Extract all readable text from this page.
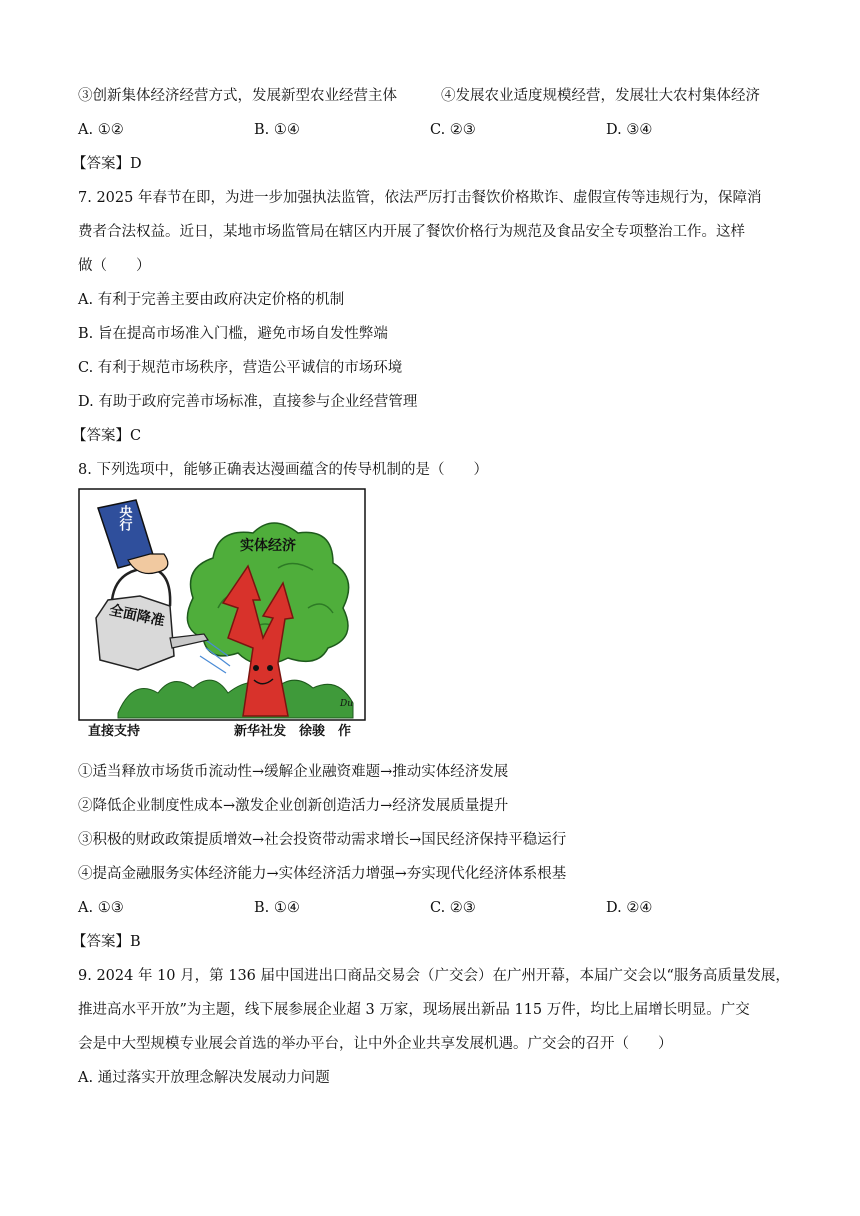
③创新集体经济经营方式，发展新型农业经营主体	④发展农业适度规模经营，发展壮大农村集体经济
A. ①②	B. ①④	C. ②③	D. ③④
【答案】D
7. 2025 年春节在即，为进一步加强执法监管，依法严厉打击餐饮价格欺诈、虚假宣传等违规行为，保障消
费者合法权益。近日，某地市场监管局在辖区内开展了餐饮价格行为规范及食品安全专项整治工作。这样
做（　　）
A. 有利于完善主要由政府决定价格的机制
B. 旨在提高市场准入门槛，避免市场自发性弊端
C. 有利于规范市场秩序，营造公平诚信的市场环境
D. 有助于政府完善市场标准，直接参与企业经营管理
【答案】C
8. 下列选项中，能够正确表达漫画蕴含的传导机制的是（　　）
央行
全面降准
实体经济
Du
直接支持	新华社发　徐骏　作
①适当释放市场货币流动性→缓解企业融资难题→推动实体经济发展
②降低企业制度性成本→激发企业创新创造活力→经济发展质量提升
③积极的财政政策提质增效→社会投资带动需求增长→国民经济保持平稳运行
④提高金融服务实体经济能力→实体经济活力增强→夯实现代化经济体系根基
A. ①③	B. ①④	C. ②③	D. ②④
【答案】B
9. 2024 年 10 月，第 136 届中国进出口商品交易会（广交会）在广州开幕，本届广交会以“服务高质量发展，
推进高水平开放”为主题，线下展参展企业超 3 万家，现场展出新品 115 万件，均比上届增长明显。广交
会是中大型规模专业展会首选的举办平台，让中外企业共享发展机遇。广交会的召开（　　）
A. 通过落实开放理念解决发展动力问题
